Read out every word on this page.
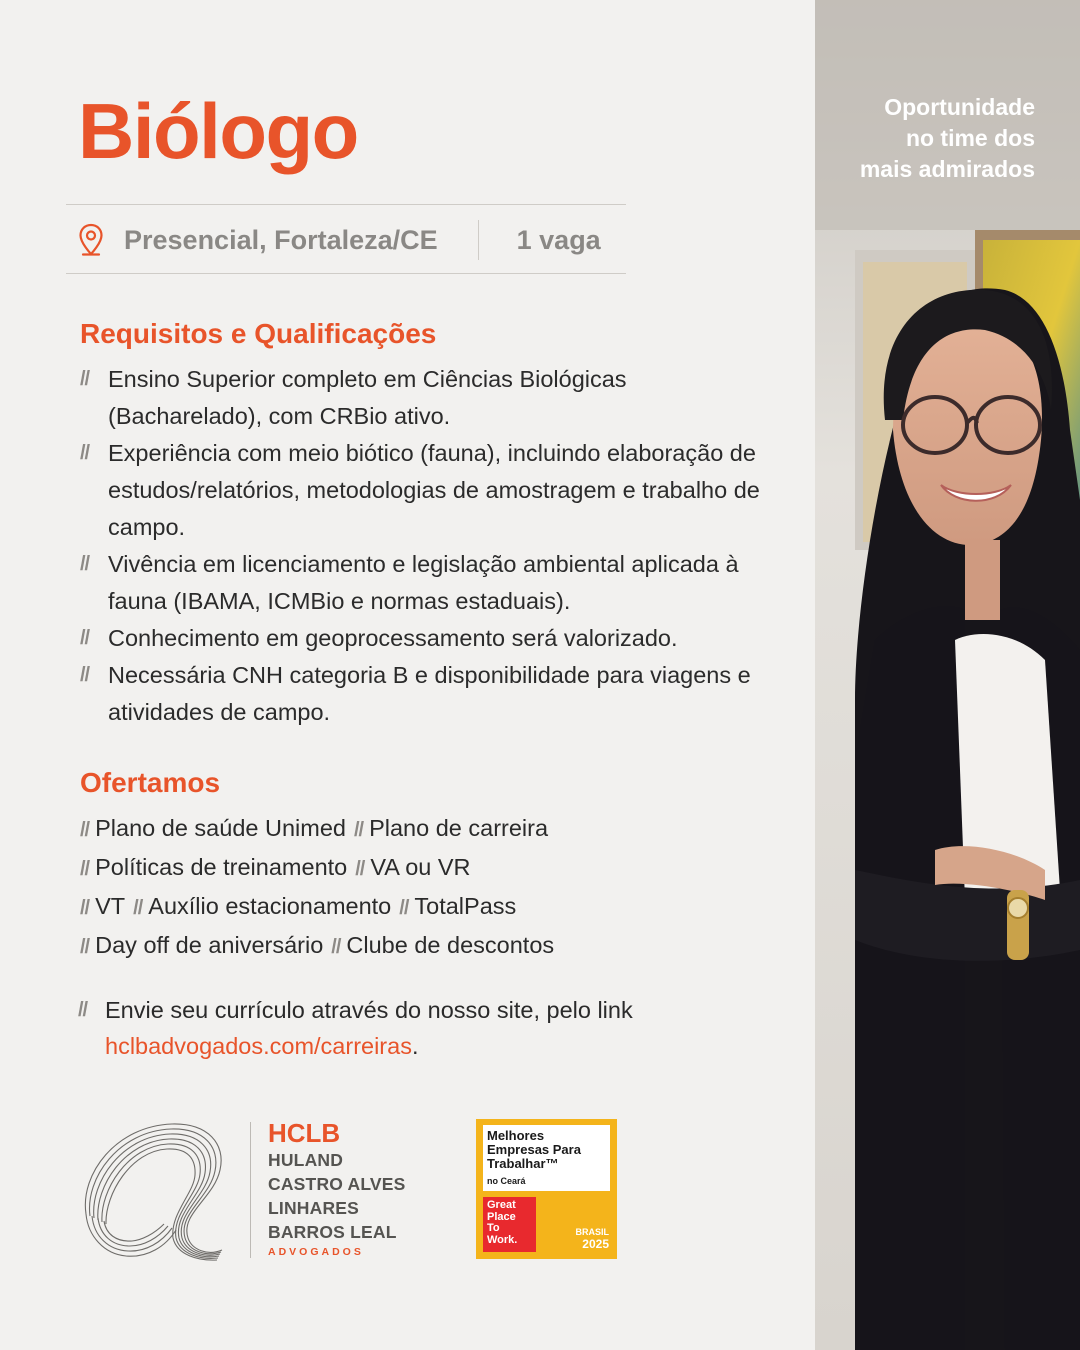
Biólogo
Presencial, Fortaleza/CE	1 vaga
Requisitos e Qualificações
// Ensino Superior completo em Ciências Biológicas (Bacharelado), com CRBio ativo.
// Experiência com meio biótico (fauna), incluindo elaboração de estudos/relatórios, metodologias de amostragem e trabalho de campo.
// Vivência em licenciamento e legislação ambiental aplicada à fauna (IBAMA, ICMBio e normas estaduais).
// Conhecimento em geoprocessamento será valorizado.
// Necessária CNH categoria B e disponibilidade para viagens e atividades de campo.
Ofertamos
// Plano de saúde Unimed // Plano de carreira
// Políticas de treinamento // VA ou VR
// VT // Auxílio estacionamento // TotalPass
// Day off de aniversário // Clube de descontos
// Envie seu currículo através do nosso site, pelo link
hclbadvogados.com/carreiras.
HCLB
HULAND
CASTRO ALVES
LINHARES
BARROS LEAL
ADVOGADOS
Melhores
Empresas Para
Trabalhar™
no Ceará
Great
Place
To
Work.
BRASIL
2025
Oportunidade
no time dos
mais admirados
